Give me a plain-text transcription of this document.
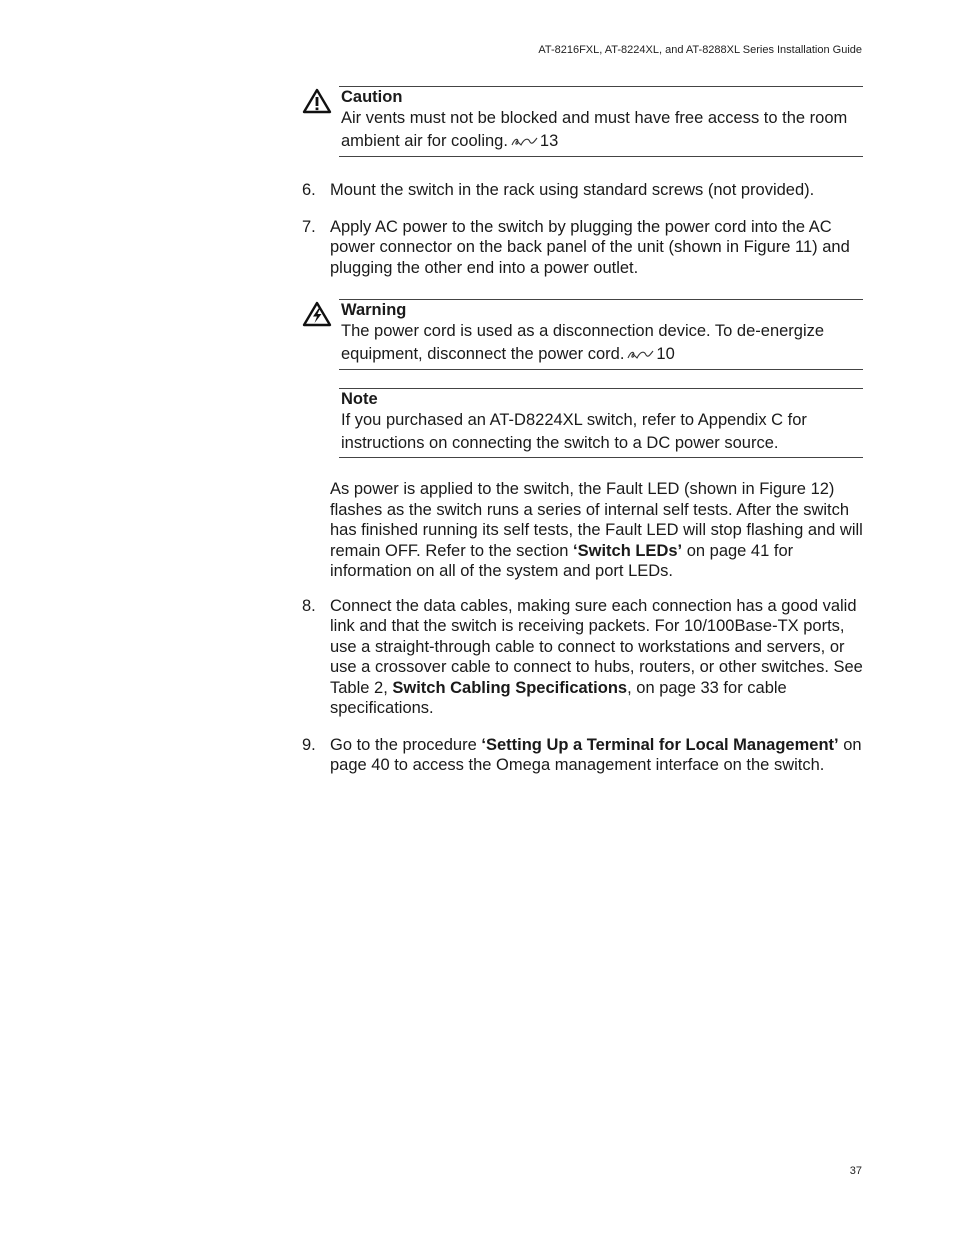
AT-8216FXL, AT-8224XL, and AT-8288XL Series Installation Guide
Caution
Air vents must not be blocked and must have free access to the room ambient air for cooling. 13
6. Mount the switch in the rack using standard screws (not provided).
7. Apply AC power to the switch by plugging the power cord into the AC power connector on the back panel of the unit (shown in Figure 11) and plugging the other end into a power outlet.
Warning
The power cord is used as a disconnection device. To de-energize equipment, disconnect the power cord. 10
Note
If you purchased an AT-D8224XL switch, refer to Appendix C for instructions on connecting the switch to a DC power source.
As power is applied to the switch, the Fault LED (shown in Figure 12) flashes as the switch runs a series of internal self tests. After the switch has finished running its self tests, the Fault LED will stop flashing and will remain OFF. Refer to the section ‘Switch LEDs’ on page 41 for information on all of the system and port LEDs.
8. Connect the data cables, making sure each connection has a good valid link and that the switch is receiving packets. For 10/100Base-TX ports, use a straight-through cable to connect to workstations and servers, or use a crossover cable to connect to hubs, routers, or other switches. See Table 2, Switch Cabling Specifications, on page 33 for cable specifications.
9. Go to the procedure ‘Setting Up a Terminal for Local Management’ on page 40 to access the Omega management interface on the switch.
37
